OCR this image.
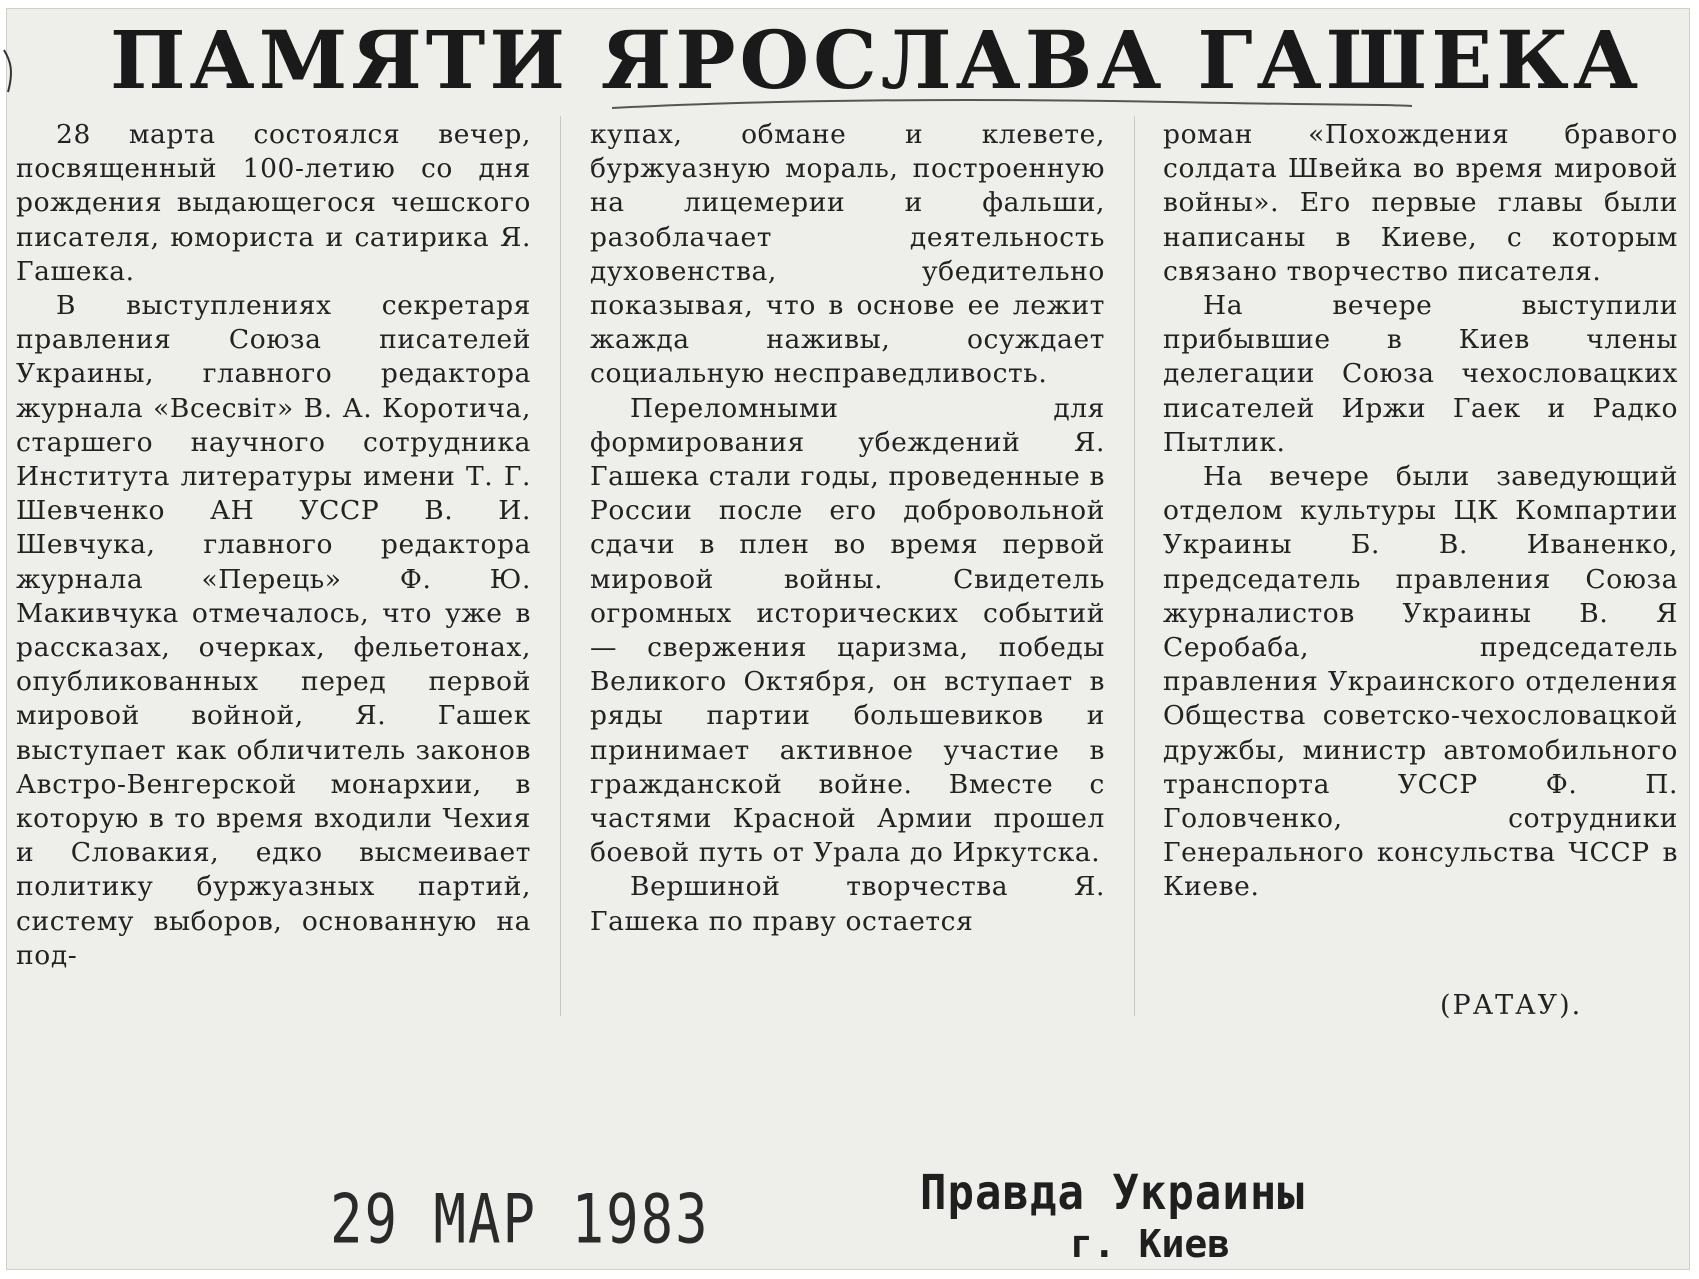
ПАМЯТИ ЯРОСЛАВА ГАШЕКА

28 марта состоялся вечер, посвященный 100-летию со дня рождения выдающегося чешского писателя, юмориста и сатирика Я. Гашека.

В выступлениях секретаря правления Союза писателей Украины, главного редактора журнала «Всесвіт» В. А. Коротича, старшего научного сотрудника Института литературы имени Т. Г. Шевченко АН УССР В. И. Шевчука, главного редактора журнала «Перець» Ф. Ю. Макивчука отмечалось, что уже в рассказах, очерках, фельетонах, опубликованных перед первой мировой войной, Я. Гашек выступает как обличитель законов Австро-Венгерской монархии, в которую в то время входили Чехия и Словакия, едко высмеивает политику буржуазных партий, систему выборов, основанную на под-

купах, обмане и клевете, буржуазную мораль, построенную на лицемерии и фальши, разоблачает деятельность духовенства, убедительно показывая, что в основе ее лежит жажда наживы, осуждает социальную несправедливость.

Переломными для формирования убеждений Я. Гашека стали годы, проведенные в России после его добровольной сдачи в плен во время первой мировой войны. Свидетель огромных исторических событий — свержения царизма, победы Великого Октября, он вступает в ряды партии большевиков и принимает активное участие в гражданской войне. Вместе с частями Красной Армии прошел боевой путь от Урала до Иркутска.

Вершиной творчества Я. Гашека по праву остается

роман «Похождения бравого солдата Швейка во время мировой войны». Его первые главы были написаны в Киеве, с которым связано творчество писателя.

На вечере выступили прибывшие в Киев члены делегации Союза чехословацких писателей Иржи Гаек и Радко Пытлик.

На вечере были заведующий отделом культуры ЦК Компартии Украины Б. В. Иваненко, председатель правления Союза журналистов Украины В. Я Серобаба, председатель правления Украинского отделения Общества советско-чехословацкой дружбы, министр автомобильного транспорта УССР Ф. П. Головченко, сотрудники Генерального консульства ЧССР в Киеве.

(РАТАУ).
29 МАР 1983	Правда Украины
г. Киев
